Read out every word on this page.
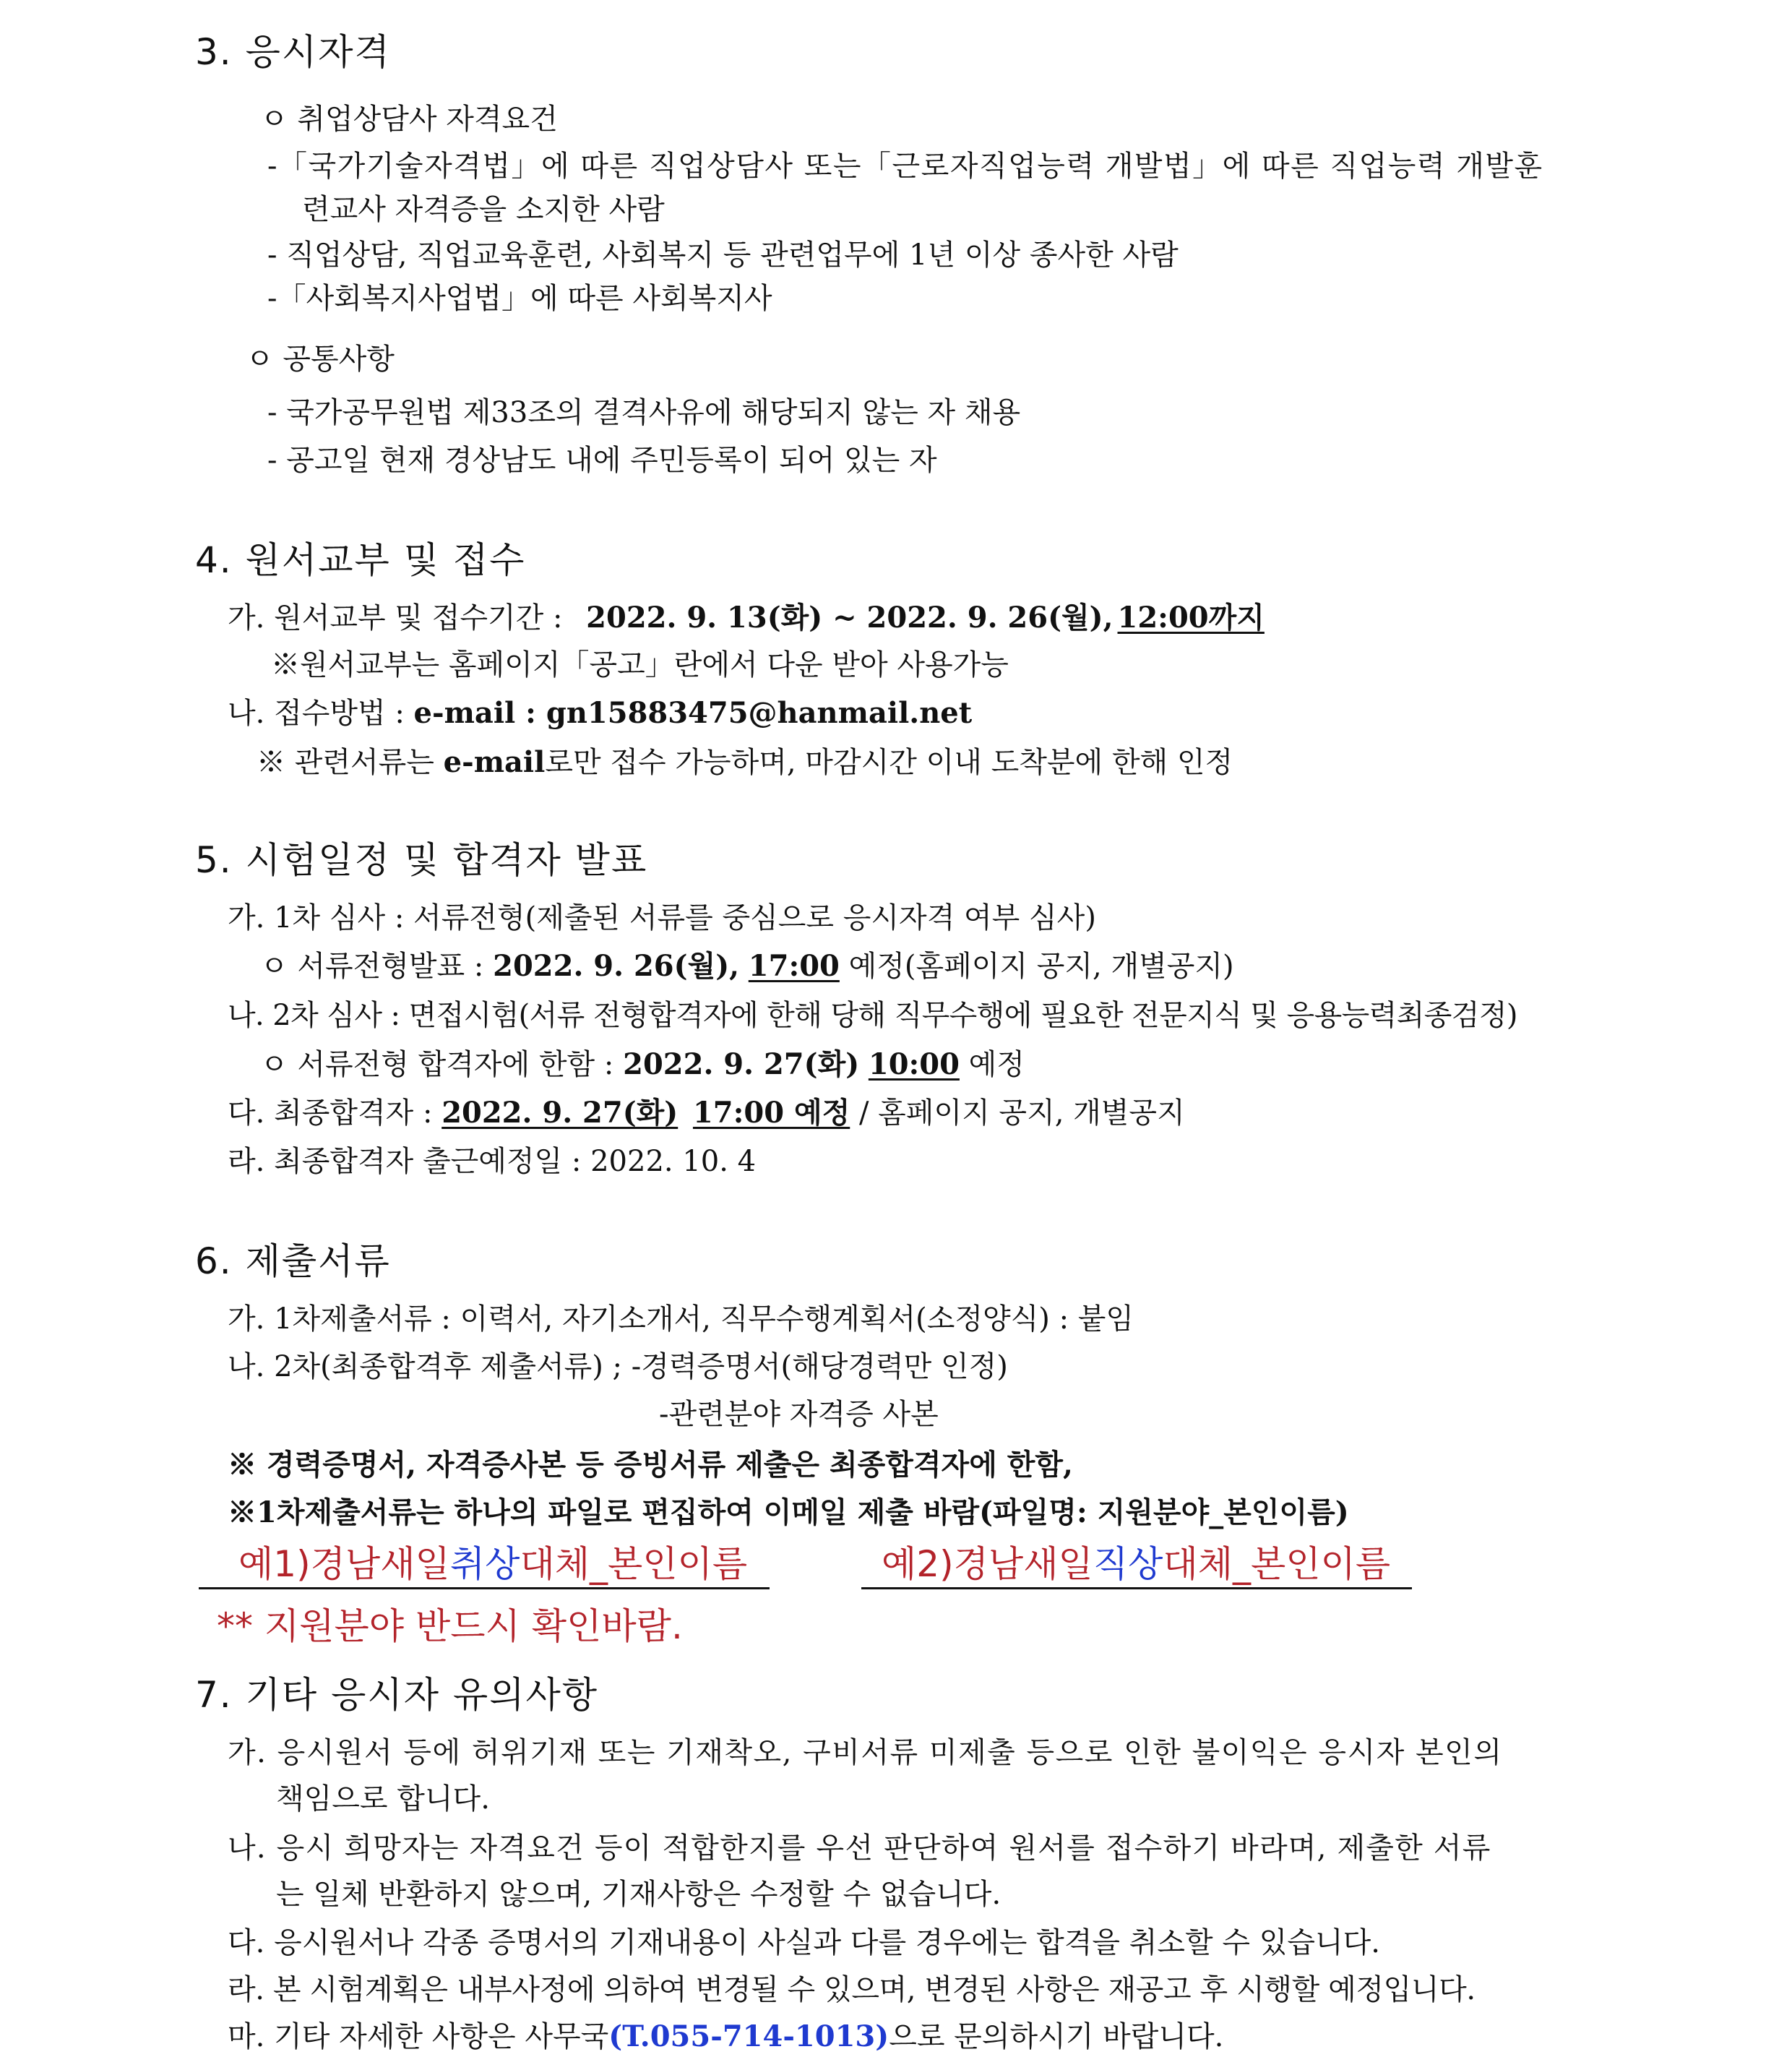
3. 응시자격
ㅇ 취업상담사 자격요건
-「국가기술자격법」에 따른 직업상담사 또는「근로자직업능력 개발법」에 따른 직업능력 개발훈
련교사 자격증을 소지한 사람
- 직업상담, 직업교육훈련, 사회복지 등 관련업무에 1년 이상 종사한 사람
-「사회복지사업법」에 따른 사회복지사
ㅇ 공통사항
- 국가공무원법 제33조의 결격사유에 해당되지 않는 자 채용
- 공고일 현재 경상남도 내에 주민등록이 되어 있는 자
4. 원서교부 및 접수
가. 원서교부 및 접수기간 : 2022. 9. 13(화) ~ 2022. 9. 26(월), 12:00까지
※원서교부는 홈페이지「공고」란에서 다운 받아 사용가능
나. 접수방법 : e-mail : gn15883475@hanmail.net
※ 관련서류는 e-mail로만 접수 가능하며, 마감시간 이내 도착분에 한해 인정
5. 시험일정 및 합격자 발표
가. 1차 심사 : 서류전형(제출된 서류를 중심으로 응시자격 여부 심사)
ㅇ 서류전형발표 : 2022. 9. 26(월), 17:00 예정(홈페이지 공지, 개별공지)
나. 2차 심사 : 면접시험(서류 전형합격자에 한해 당해 직무수행에 필요한 전문지식 및 응용능력최종검정)
ㅇ 서류전형 합격자에 한함 : 2022. 9. 27(화) 10:00 예정
다. 최종합격자 : 2022. 9. 27(화) 17:00 예정 / 홈페이지 공지, 개별공지
라. 최종합격자 출근예정일 : 2022. 10. 4
6. 제출서류
가. 1차제출서류 : 이력서, 자기소개서, 직무수행계획서(소정양식) : 붙임
나. 2차(최종합격후 제출서류) ; -경력증명서(해당경력만 인정)
-관련분야 자격증 사본
※ 경력증명서, 자격증사본 등 증빙서류 제출은 최종합격자에 한함,
※1차제출서류는 하나의 파일로 편집하여 이메일 제출 바람(파일명: 지원분야_본인이름)
예1)경남새일취상대체_본인이름	예2)경남새일직상대체_본인이름
** 지원분야 반드시 확인바람.
7. 기타 응시자 유의사항
가. 응시원서 등에 허위기재 또는 기재착오, 구비서류 미제출 등으로 인한 불이익은 응시자 본인의
책임으로 합니다.
나. 응시 희망자는 자격요건 등이 적합한지를 우선 판단하여 원서를 접수하기 바라며, 제출한 서류
는 일체 반환하지 않으며, 기재사항은 수정할 수 없습니다.
다. 응시원서나 각종 증명서의 기재내용이 사실과 다를 경우에는 합격을 취소할 수 있습니다.
라. 본 시험계획은 내부사정에 의하여 변경될 수 있으며, 변경된 사항은 재공고 후 시행할 예정입니다.
마. 기타 자세한 사항은 사무국(T.055-714-1013)으로 문의하시기 바랍니다.
